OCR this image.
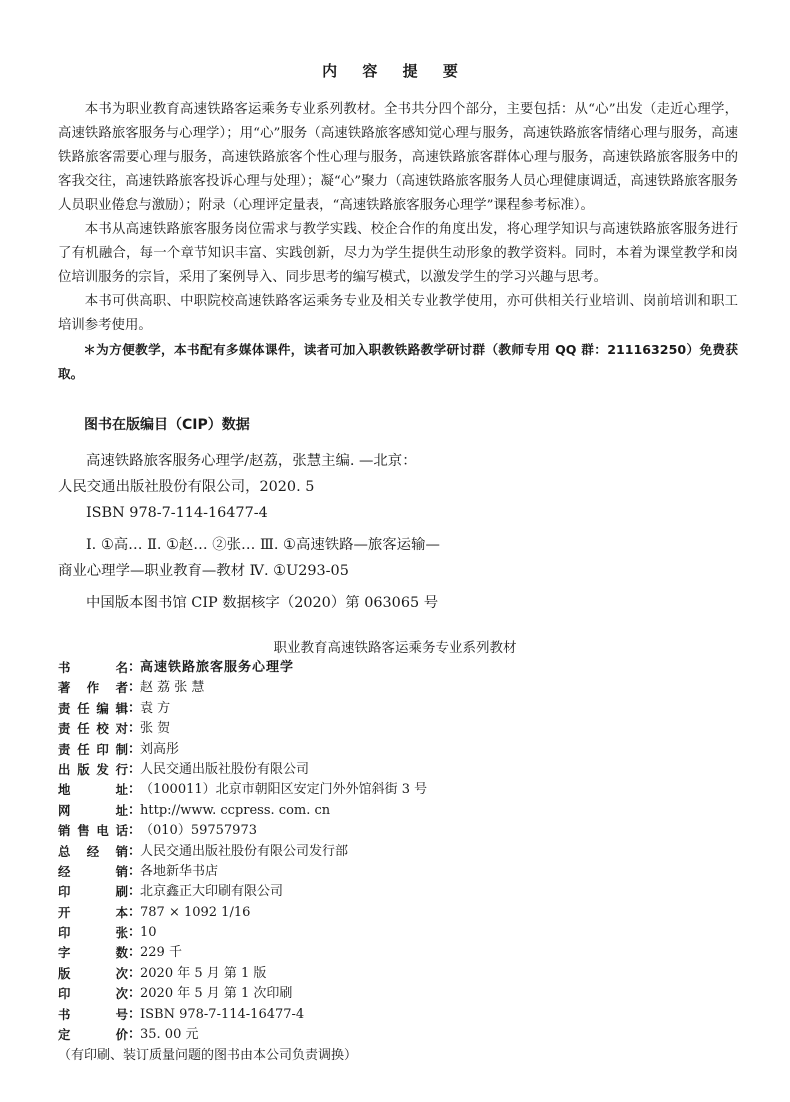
内 容 提 要

本书为职业教育高速铁路客运乘务专业系列教材。全书共分四个部分，主要包括：从“心”出发（走近心理学，高速铁路旅客服务与心理学）；用“心”服务（高速铁路旅客感知觉心理与服务，高速铁路旅客情绪心理与服务，高速铁路旅客需要心理与服务，高速铁路旅客个性心理与服务，高速铁路旅客群体心理与服务，高速铁路旅客服务中的客我交往，高速铁路旅客投诉心理与处理）；凝“心”聚力（高速铁路旅客服务人员心理健康调适，高速铁路旅客服务人员职业倦怠与激励）；附录（心理评定量表，“高速铁路旅客服务心理学”课程参考标准）。

本书从高速铁路旅客服务岗位需求与教学实践、校企合作的角度出发，将心理学知识与高速铁路旅客服务进行了有机融合，每一个章节知识丰富、实践创新，尽力为学生提供生动形象的教学资料。同时，本着为课堂教学和岗位培训服务的宗旨，采用了案例导入、同步思考的编写模式，以激发学生的学习兴趣与思考。

本书可供高职、中职院校高速铁路客运乘务专业及相关专业教学使用，亦可供相关行业培训、岗前培训和职工培训参考使用。

＊为方便教学，本书配有多媒体课件，读者可加入职教铁路教学研讨群（教师专用 QQ 群：211163250）免费获取。

图书在版编目（CIP）数据
高速铁路旅客服务心理学/赵荔，张慧主编. —北京：
人民交通出版社股份有限公司，2020. 5
ISBN 978-7-114-16477-4
Ⅰ. ①高… Ⅱ. ①赵… ②张… Ⅲ. ①高速铁路—旅客运输—
商业心理学—职业教育—教材 Ⅳ. ①U293-05
中国版本图书馆 CIP 数据核字（2020）第 063065 号
职业教育高速铁路客运乘务专业系列教材
书名 ：
高速铁路旅客服务心理学
著作者 ：
赵 荔 张 慧
责任编辑 ：
袁 方
责任校对 ：
张 贺
责任印制 ：
刘高彤
出版发行 ：
人民交通出版社股份有限公司
地址 ：
（100011）北京市朝阳区安定门外外馆斜街 3 号
网址 ：
http://www. ccpress. com. cn
销售电话 ：
（010）59757973
总经销 ：
人民交通出版社股份有限公司发行部
经销 ：
各地新华书店
印刷 ：
北京鑫正大印刷有限公司
开本 ：
787 × 1092 1/16
印张 ：
10
字数 ：
229 千
版次 ：
2020 年 5 月 第 1 版
印次 ：
2020 年 5 月 第 1 次印刷
书号 ：
ISBN 978-7-114-16477-4
定价 ：
35. 00 元
（有印刷、装订质量问题的图书由本公司负责调换）
